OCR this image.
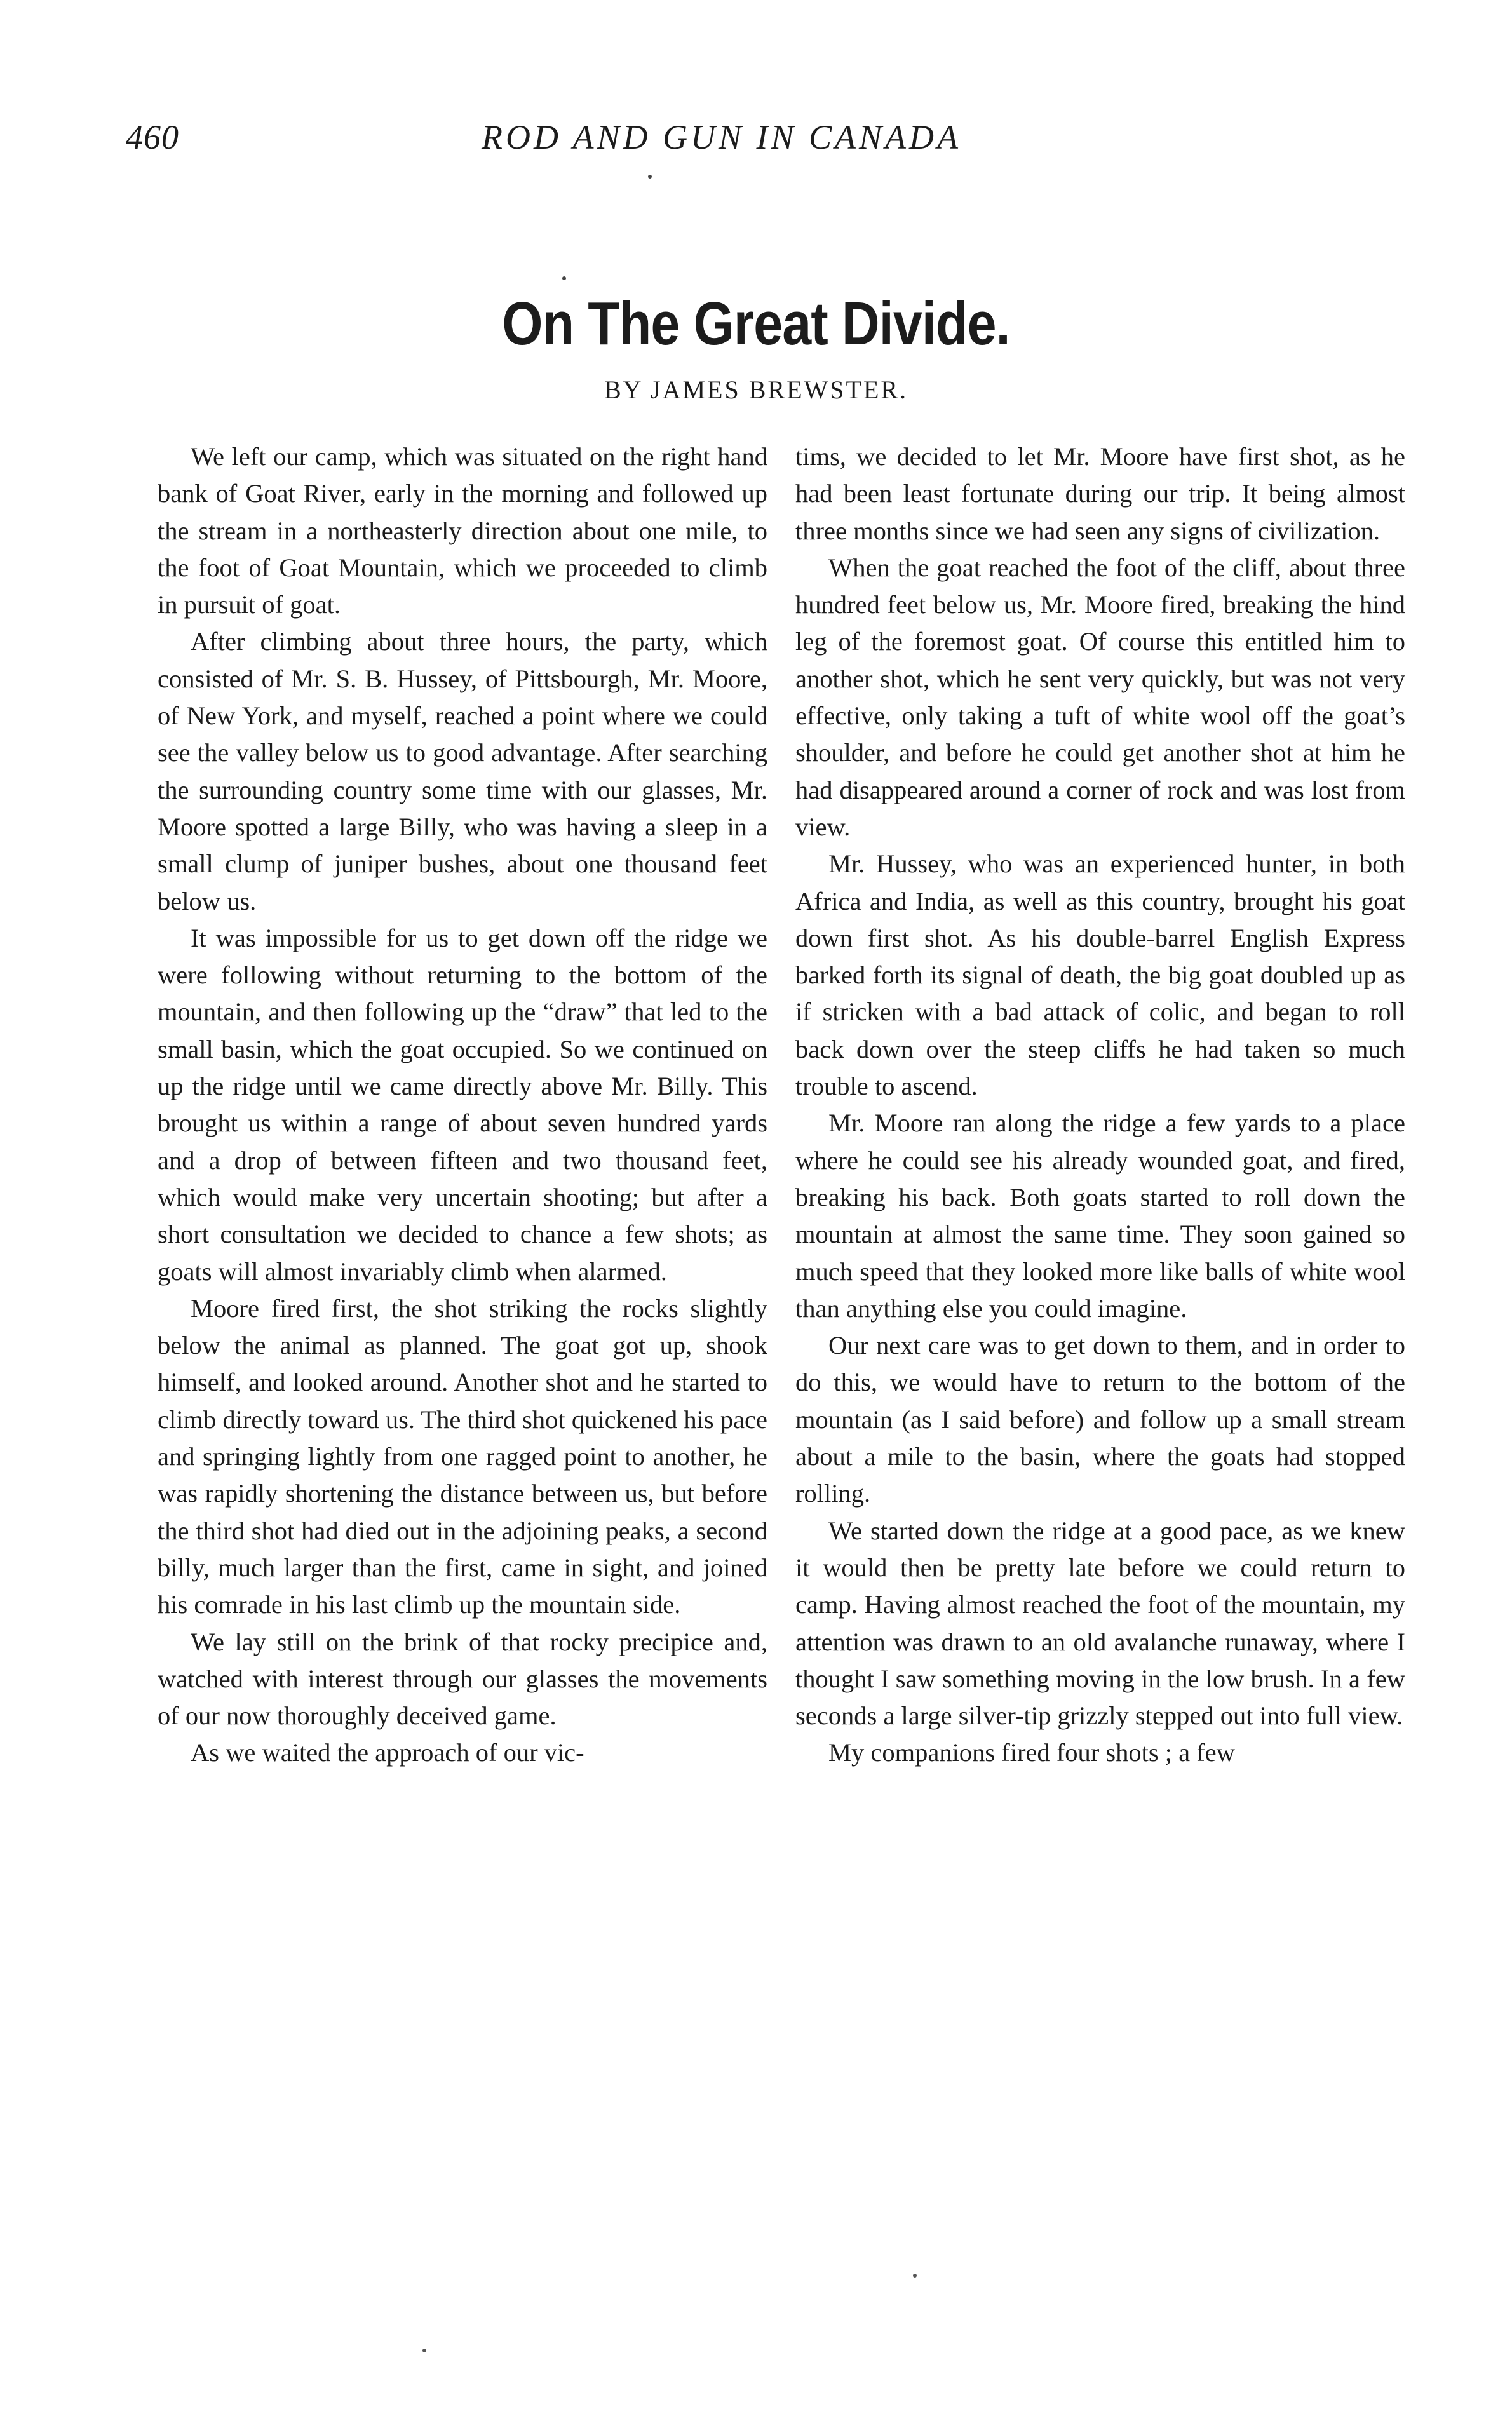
460	ROD AND GUN IN CANADA
On The Great Divide.
BY JAMES BREWSTER.

We left our camp, which was situated on the right hand bank of Goat River, early in the morning and followed up the stream in a northeasterly direction about one mile, to the foot of Goat Mountain, which we proceeded to climb in pursuit of goat.

After climbing about three hours, the party, which consisted of Mr. S. B. Hussey, of Pittsbourgh, Mr. Moore, of New York, and myself, reached a point where we could see the valley below us to good advantage. After searching the surrounding country some time with our glasses, Mr. Moore spotted a large Billy, who was having a sleep in a small clump of juniper bushes, about one thousand feet below us.

It was impossible for us to get down off the ridge we were following without returning to the bottom of the mountain, and then following up the “draw” that led to the small basin, which the goat occupied. So we continued on up the ridge until we came directly above Mr. Billy. This brought us within a range of about seven hundred yards and a drop of between fifteen and two thousand feet, which would make very uncertain shooting; but after a short consultation we decided to chance a few shots; as goats will almost invariably climb when alarmed.

Moore fired first, the shot striking the rocks slightly below the animal as planned. The goat got up, shook himself, and looked around. Another shot and he started to climb directly toward us. The third shot quickened his pace and springing lightly from one ragged point to another, he was rapidly shortening the distance between us, but before the third shot had died out in the adjoining peaks, a second billy, much larger than the first, came in sight, and joined his comrade in his last climb up the mountain side.

We lay still on the brink of that rocky precipice and, watched with interest through our glasses the movements of our now thoroughly deceived game.

As we waited the approach of our vic-

tims, we decided to let Mr. Moore have first shot, as he had been least fortunate during our trip. It being almost three months since we had seen any signs of civilization.

When the goat reached the foot of the cliff, about three hundred feet below us, Mr. Moore fired, breaking the hind leg of the foremost goat. Of course this entitled him to another shot, which he sent very quickly, but was not very effective, only taking a tuft of white wool off the goat’s shoulder, and before he could get another shot at him he had disappeared around a corner of rock and was lost from view.

Mr. Hussey, who was an experienced hunter, in both Africa and India, as well as this country, brought his goat down first shot. As his double-barrel English Express barked forth its signal of death, the big goat doubled up as if stricken with a bad attack of colic, and began to roll back down over the steep cliffs he had taken so much trouble to ascend.

Mr. Moore ran along the ridge a few yards to a place where he could see his already wounded goat, and fired, breaking his back. Both goats started to roll down the mountain at almost the same time. They soon gained so much speed that they looked more like balls of white wool than anything else you could imagine.

Our next care was to get down to them, and in order to do this, we would have to return to the bottom of the mountain (as I said before) and follow up a small stream about a mile to the basin, where the goats had stopped rolling.

We started down the ridge at a good pace, as we knew it would then be pretty late before we could return to camp. Having almost reached the foot of the mountain, my attention was drawn to an old avalanche runaway, where I thought I saw something moving in the low brush. In a few seconds a large silver-tip grizzly stepped out into full view.

My companions fired four shots ; a few
